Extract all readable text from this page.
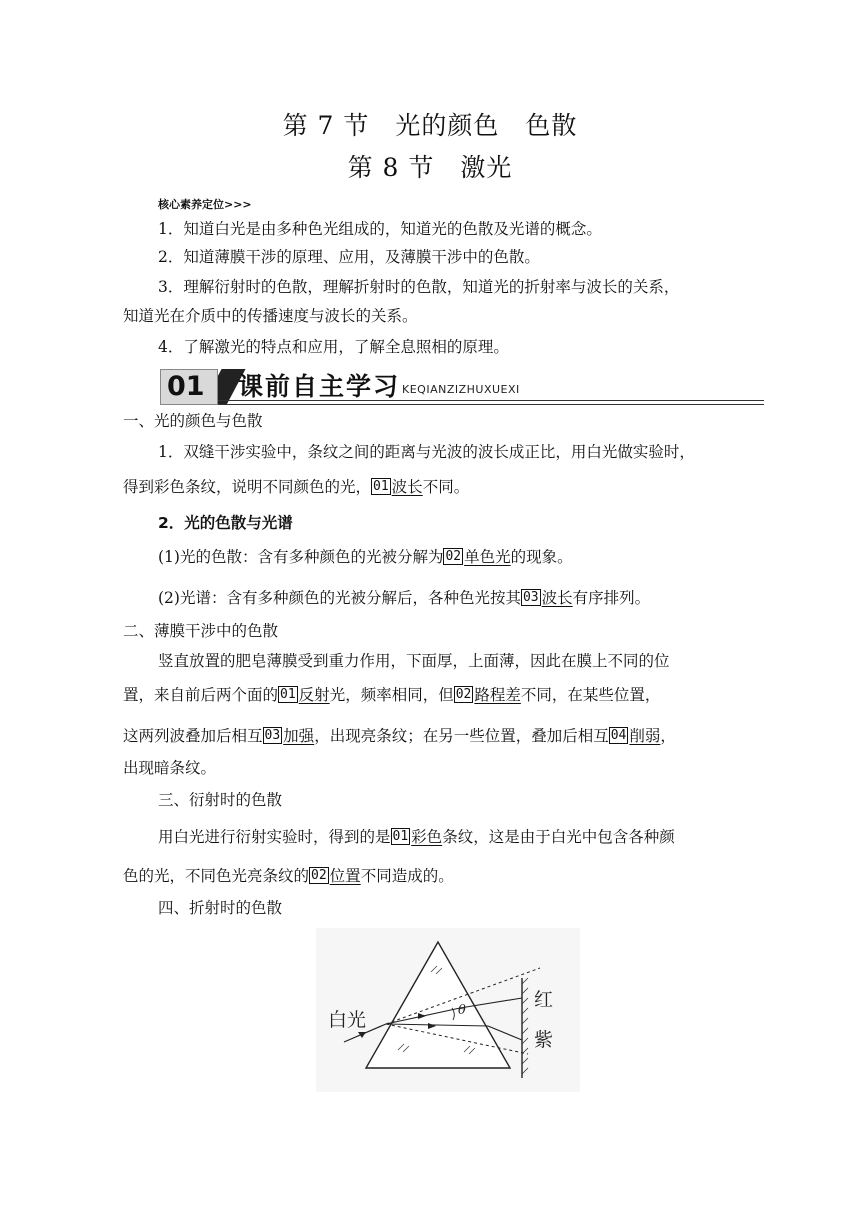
第 7 节　光的颜色　色散
第 8 节　激光
核心素养定位>>>
1．知道白光是由多种色光组成的，知道光的色散及光谱的概念。
2．知道薄膜干涉的原理、应用，及薄膜干涉中的色散。
3．理解衍射时的色散，理解折射时的色散，知道光的折射率与波长的关系，
知道光在介质中的传播速度与波长的关系。
4．了解激光的特点和应用，了解全息照相的原理。
01	课前自主学习 KEQIANZIZHUXUEXI
一、光的颜色与色散
1．双缝干涉实验中，条纹之间的距离与光波的波长成正比，用白光做实验时，
得到彩色条纹，说明不同颜色的光， 01 波长不同。
2．光的色散与光谱
(1)光的色散：含有多种颜色的光被分解为 02 单色光的现象。
(2)光谱：含有多种颜色的光被分解后，各种色光按其 03 波长有序排列。
二、薄膜干涉中的色散
竖直放置的肥皂薄膜受到重力作用，下面厚，上面薄，因此在膜上不同的位
置，来自前后两个面的 01 反射光，频率相同，但 02 路程差不同，在某些位置，
这两列波叠加后相互 03 加强，出现亮条纹；在另一些位置，叠加后相互 04 削弱，
出现暗条纹。
三、衍射时的色散
用白光进行衍射实验时，得到的是 01 彩色条纹，这是由于白光中包含各种颜
色的光，不同色光亮条纹的 02 位置不同造成的。
四、折射时的色散
白光	θ	红
紫
